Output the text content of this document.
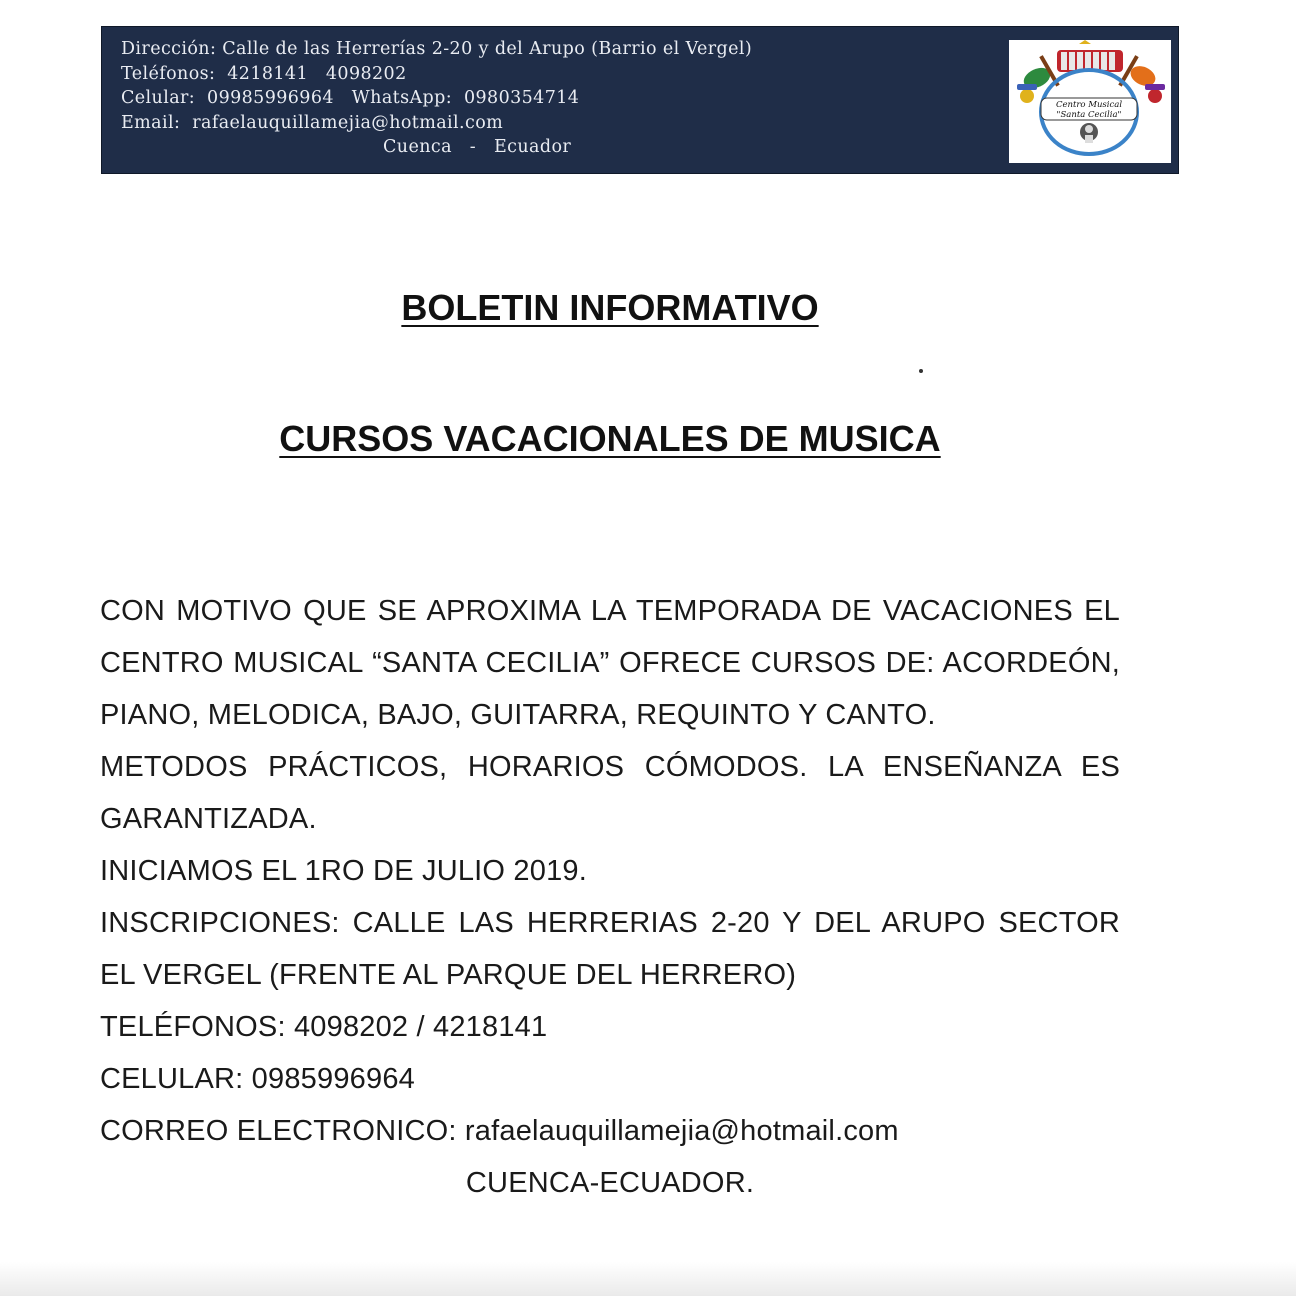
Dirección: Calle de las Herrerías 2-20 y del Arupo (Barrio el Vergel)
Teléfonos:  4218141   4098202
Celular:  09985996964   WhatsApp:  0980354714
Email:  rafaelauquillamejia@hotmail.com
Cuenca   -   Ecuador
Centro Musical
"Santa Cecilia"
BOLETIN INFORMATIVO
CURSOS VACACIONALES DE MUSICA

CON MOTIVO QUE SE APROXIMA LA TEMPORADA DE VACACIONES EL CENTRO MUSICAL “SANTA CECILIA” OFRECE CURSOS DE: ACORDEÓN, PIANO, MELODICA, BAJO, GUITARRA, REQUINTO Y CANTO.

METODOS PRÁCTICOS, HORARIOS CÓMODOS. LA ENSEÑANZA ES GARANTIZADA.

INICIAMOS EL 1RO DE JULIO 2019.

INSCRIPCIONES: CALLE LAS HERRERIAS 2-20 Y DEL ARUPO SECTOR EL VERGEL (FRENTE AL PARQUE DEL HERRERO)

TELÉFONOS: 4098202 / 4218141

CELULAR: 0985996964

CORREO ELECTRONICO: rafaelauquillamejia@hotmail.com

CUENCA-ECUADOR.
